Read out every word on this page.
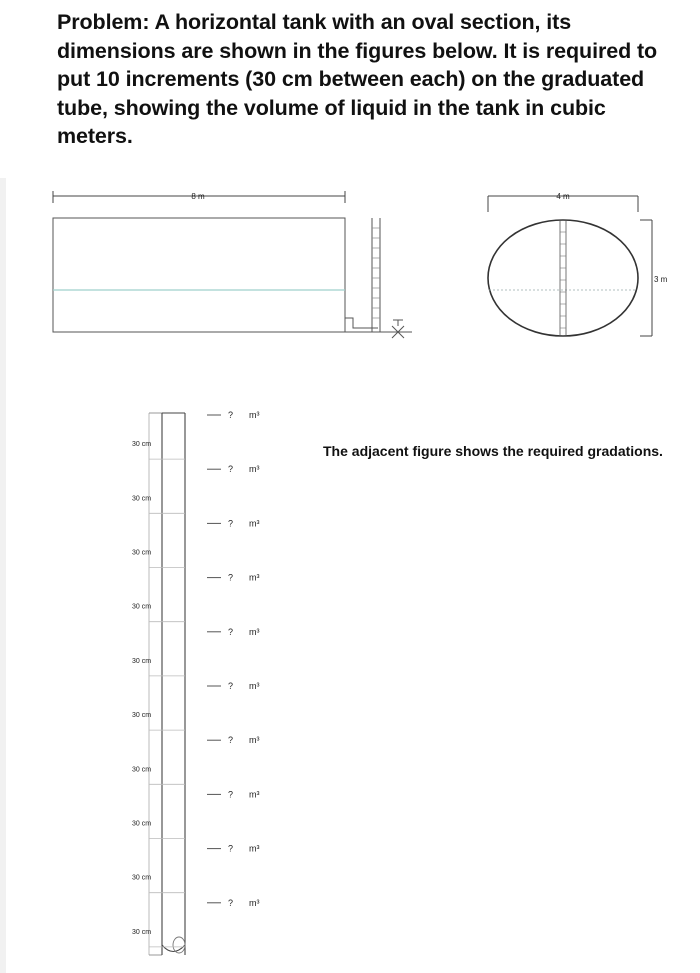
Problem: A horizontal tank with an oval section, its dimensions are shown in the figures below. It is required to put 10 increments (30 cm between each) on the graduated tube, showing the volume of liquid in the tank in cubic meters.

8 m	4 m
3 m
30 cm
? m³
30 cm
? m³
30 cm
? m³
30 cm
? m³
30 cm
? m³
30 cm
? m³
30 cm
? m³
30 cm
? m³
30 cm
? m³
30 cm
? m³
The adjacent figure shows the required gradations.
